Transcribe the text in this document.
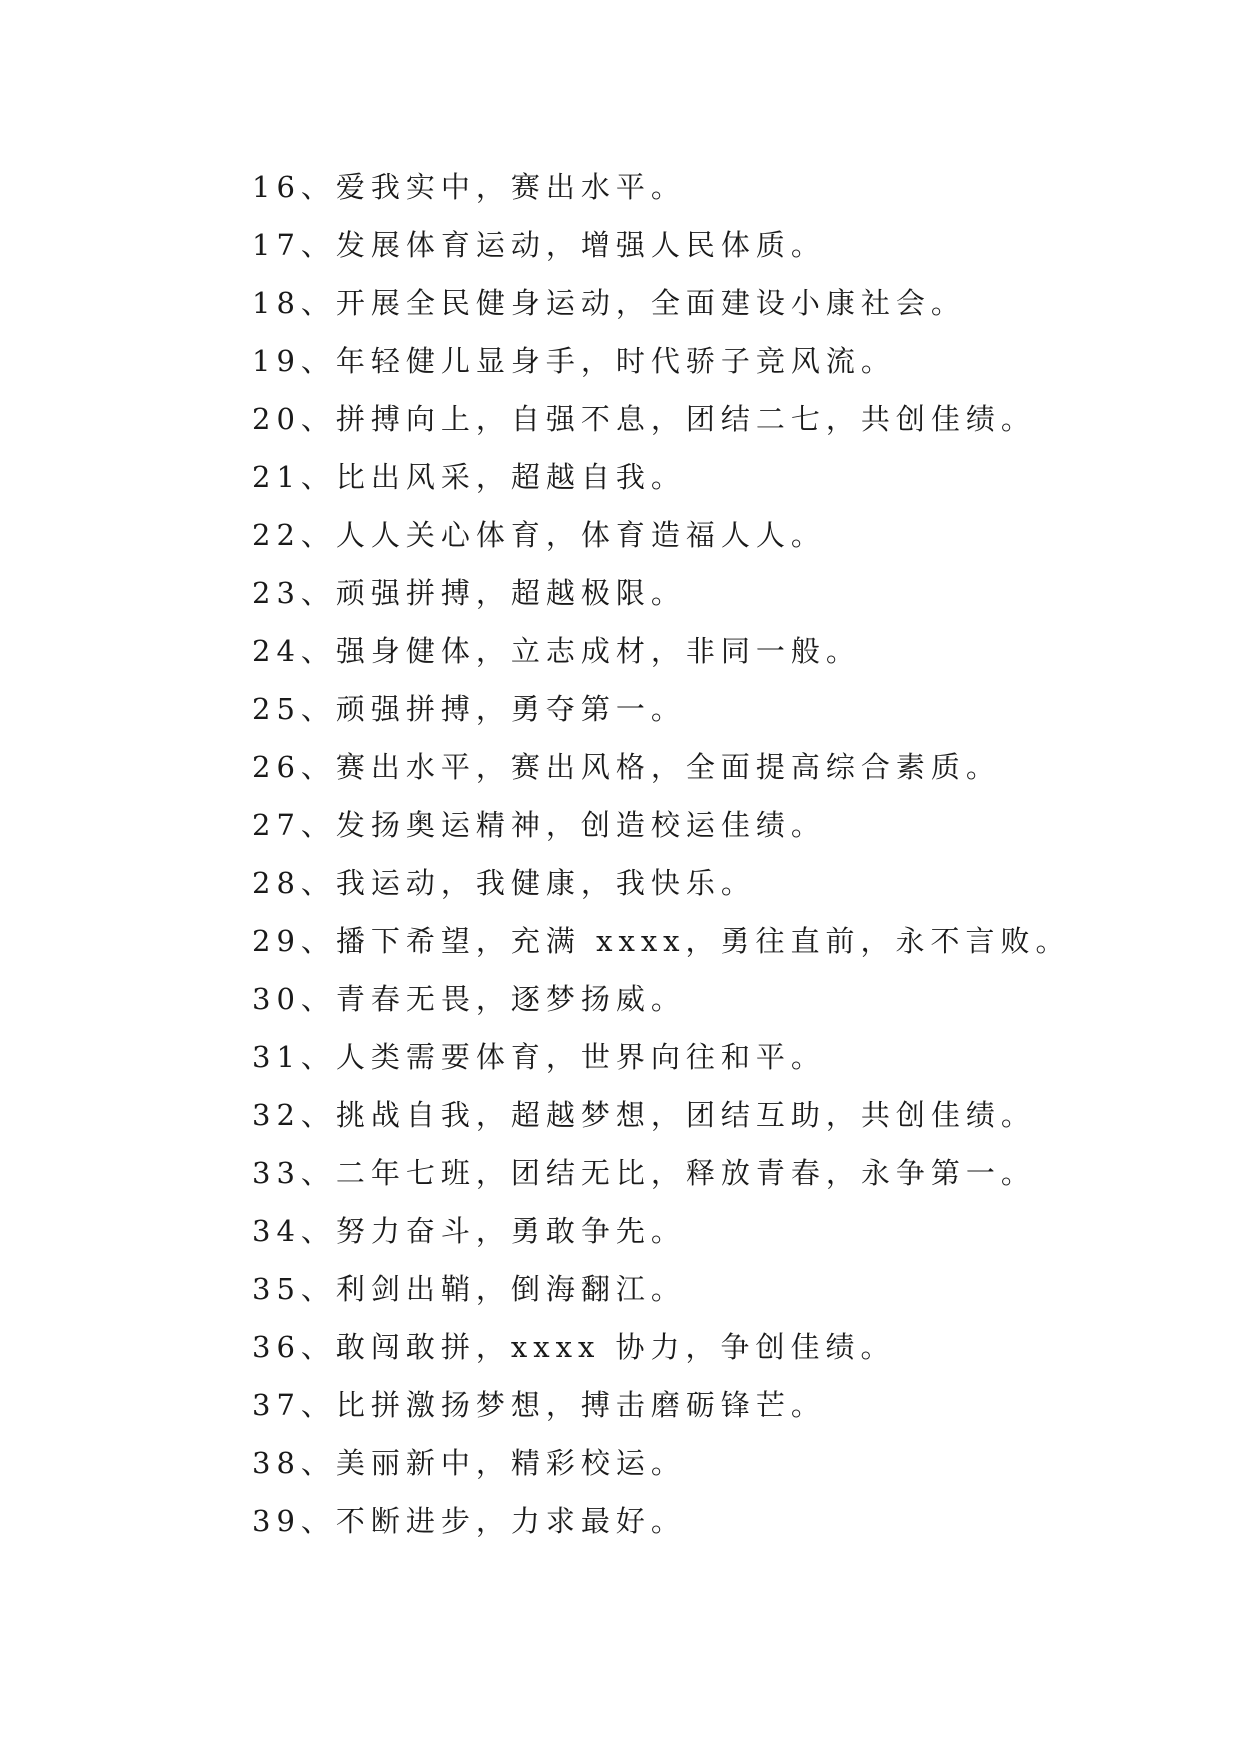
16、爱我实中，赛出水平。
17、发展体育运动，增强人民体质。
18、开展全民健身运动，全面建设小康社会。
19、年轻健儿显身手，时代骄子竞风流。
20、拼搏向上，自强不息，团结二七，共创佳绩。
21、比出风采，超越自我。
22、人人关心体育，体育造福人人。
23、顽强拼搏，超越极限。
24、强身健体，立志成材，非同一般。
25、顽强拼搏，勇夺第一。
26、赛出水平，赛出风格，全面提高综合素质。
27、发扬奥运精神，创造校运佳绩。
28、我运动，我健康，我快乐。
29、播下希望，充满 xxxx，勇往直前，永不言败。
30、青春无畏，逐梦扬威。
31、人类需要体育，世界向往和平。
32、挑战自我，超越梦想，团结互助，共创佳绩。
33、二年七班，团结无比，释放青春，永争第一。
34、努力奋斗，勇敢争先。
35、利剑出鞘，倒海翻江。
36、敢闯敢拼，xxxx 协力，争创佳绩。
37、比拼激扬梦想，搏击磨砺锋芒。
38、美丽新中，精彩校运。
39、不断进步，力求最好。
